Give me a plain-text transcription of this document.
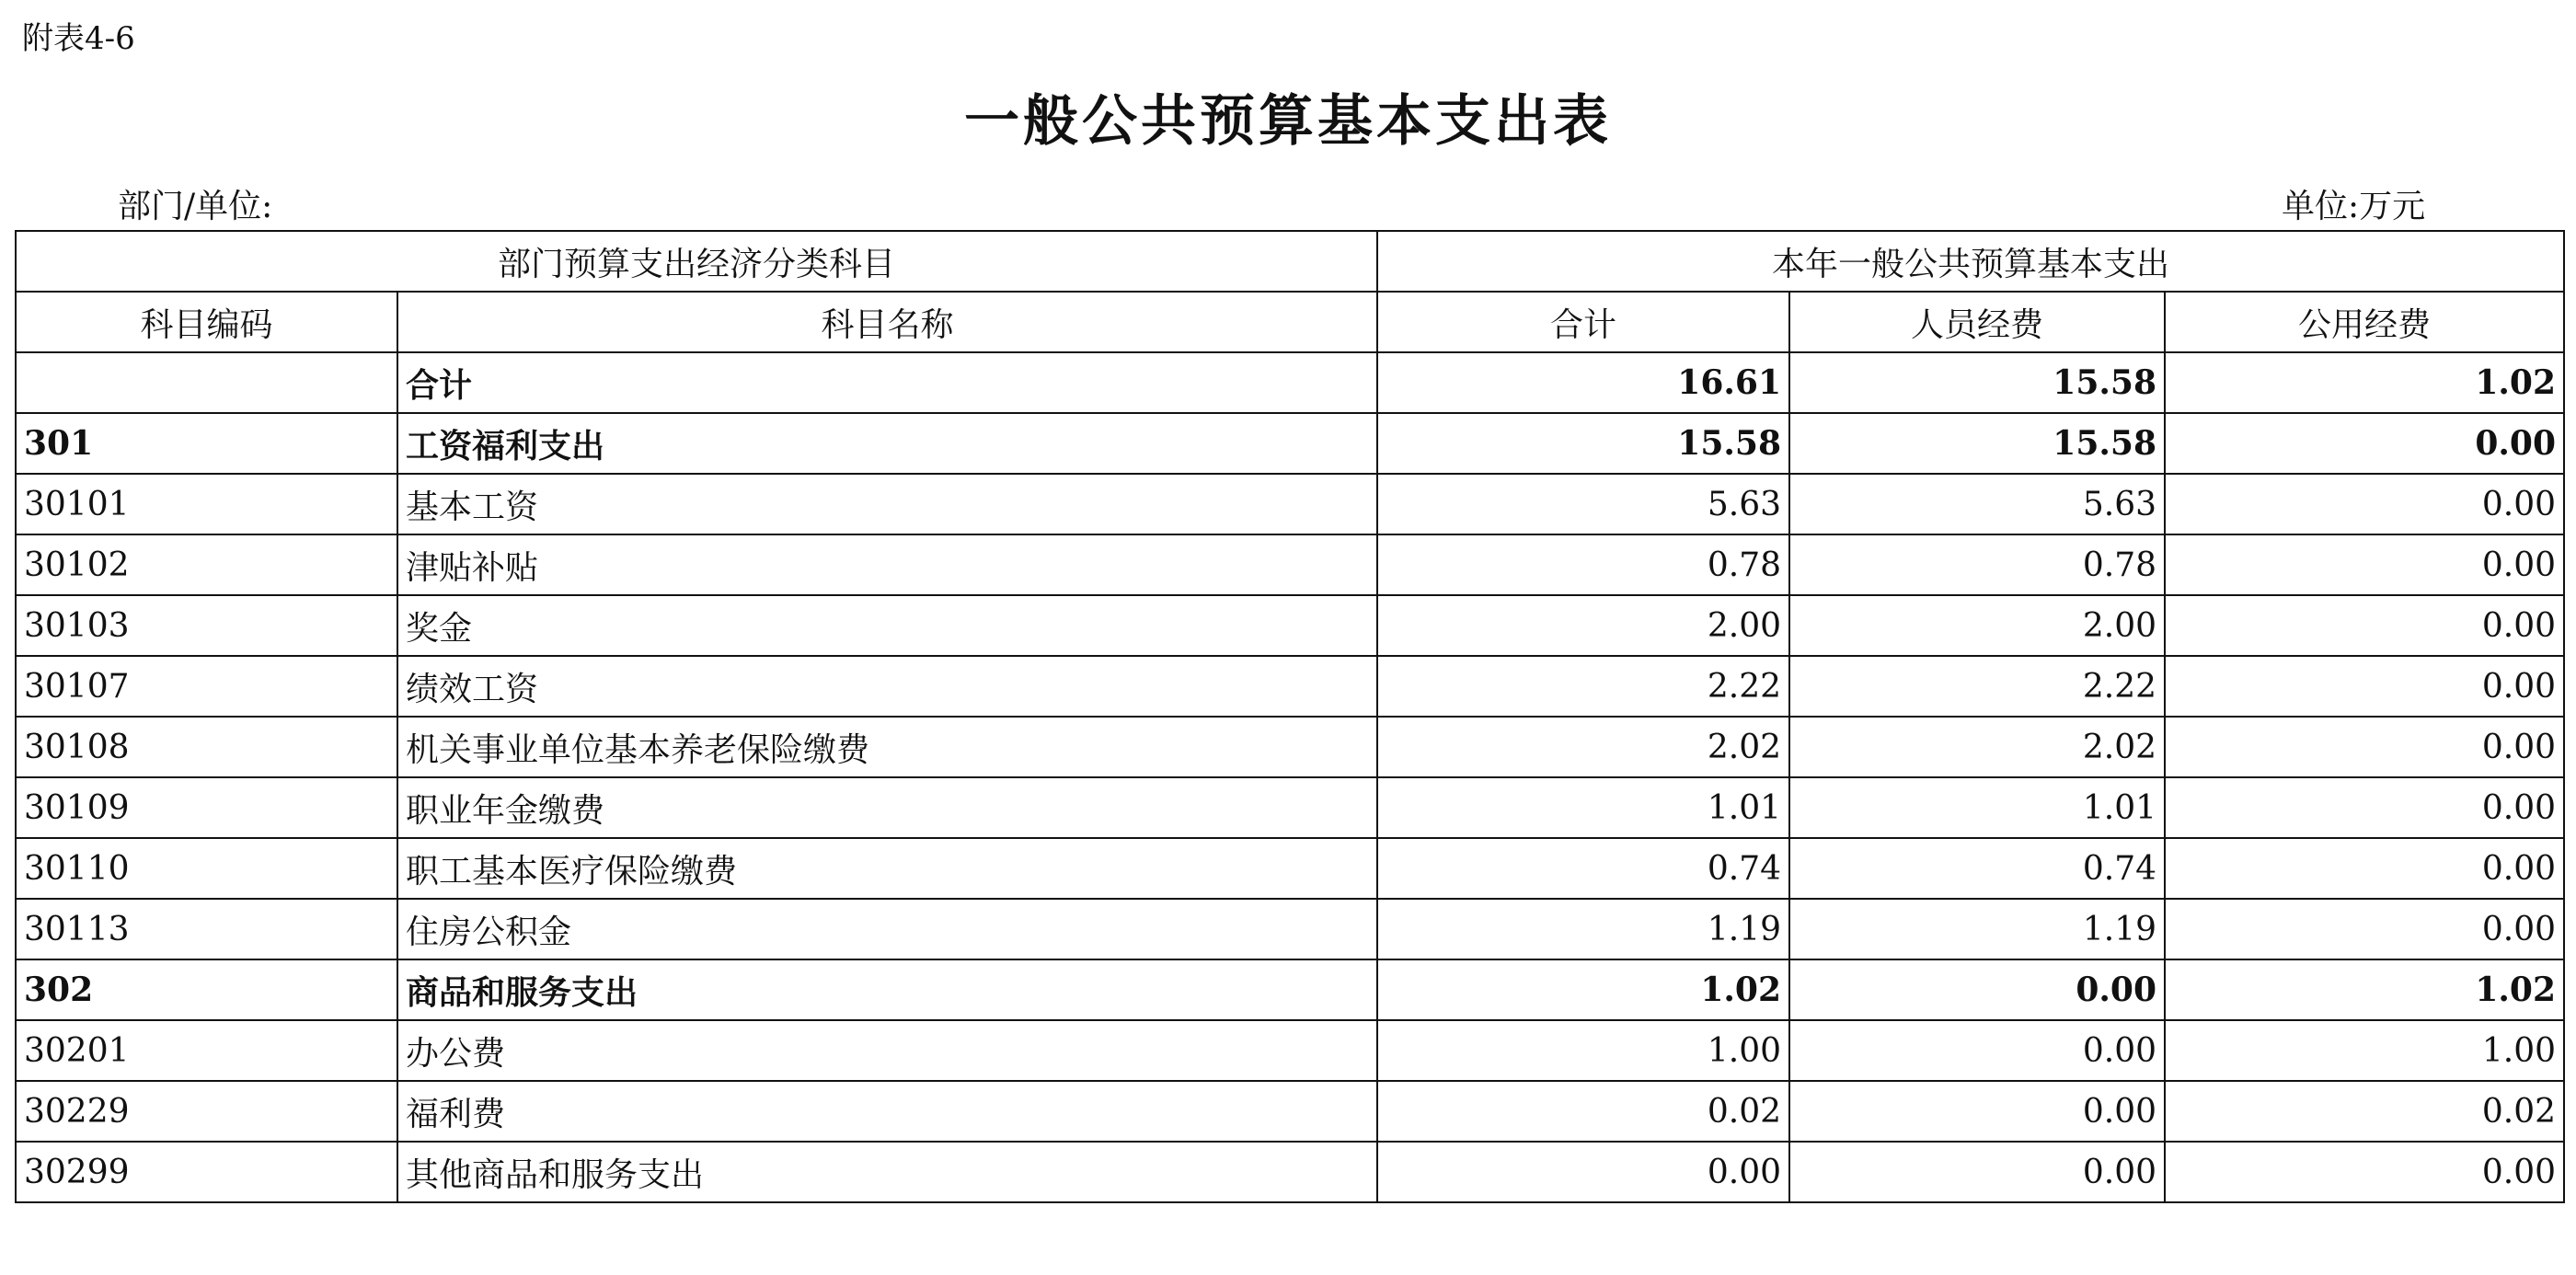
附表4-6
一般公共预算基本支出表
部门/单位:	单位:万元
部门预算支出经济分类科目		本年一般公共预算基本支出		
科目编码	科目名称	合计	人员经费	公用经费
	合计	16.61	15.58	1.02
301	工资福利支出	15.58	15.58	0.00
30101	基本工资	5.63	5.63	0.00
30102	津贴补贴	0.78	0.78	0.00
30103	奖金	2.00	2.00	0.00
30107	绩效工资	2.22	2.22	0.00
30108	机关事业单位基本养老保险缴费	2.02	2.02	0.00
30109	职业年金缴费	1.01	1.01	0.00
30110	职工基本医疗保险缴费	0.74	0.74	0.00
30113	住房公积金	1.19	1.19	0.00
302	商品和服务支出	1.02	0.00	1.02
30201	办公费	1.00	0.00	1.00
30229	福利费	0.02	0.00	0.02
30299	其他商品和服务支出	0.00	0.00	0.00
